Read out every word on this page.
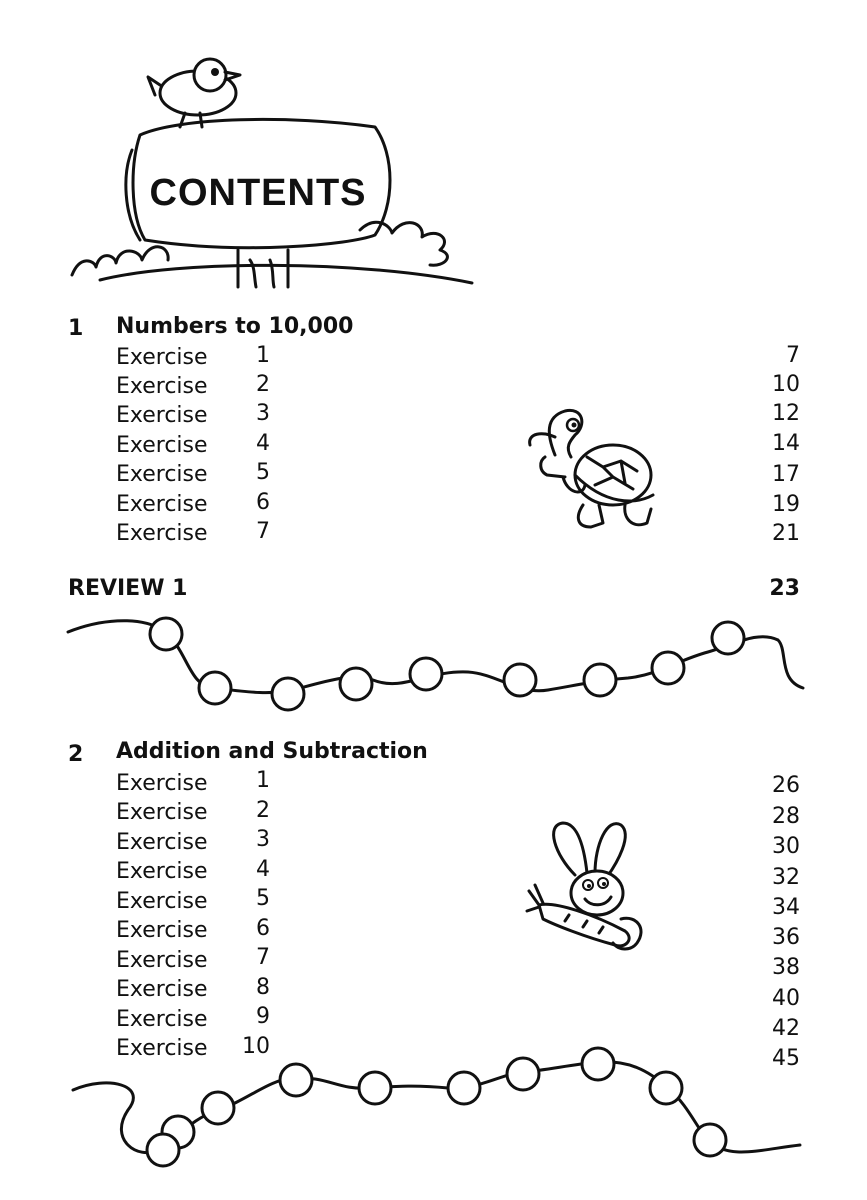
CONTENTS
1 Numbers to 10,000
Exercise	1	7
Exercise	2	10
Exercise	3	12
Exercise	4	14
Exercise	5	17
Exercise	6	19
Exercise	7	21
REVIEW 1	23
2 Addition and Subtraction
Exercise	1	26
Exercise	2	28
Exercise	3	30
Exercise	4	32
Exercise	5	34
Exercise	6	36
Exercise	7	38
Exercise	8	40
Exercise	9	42
Exercise	10	45
